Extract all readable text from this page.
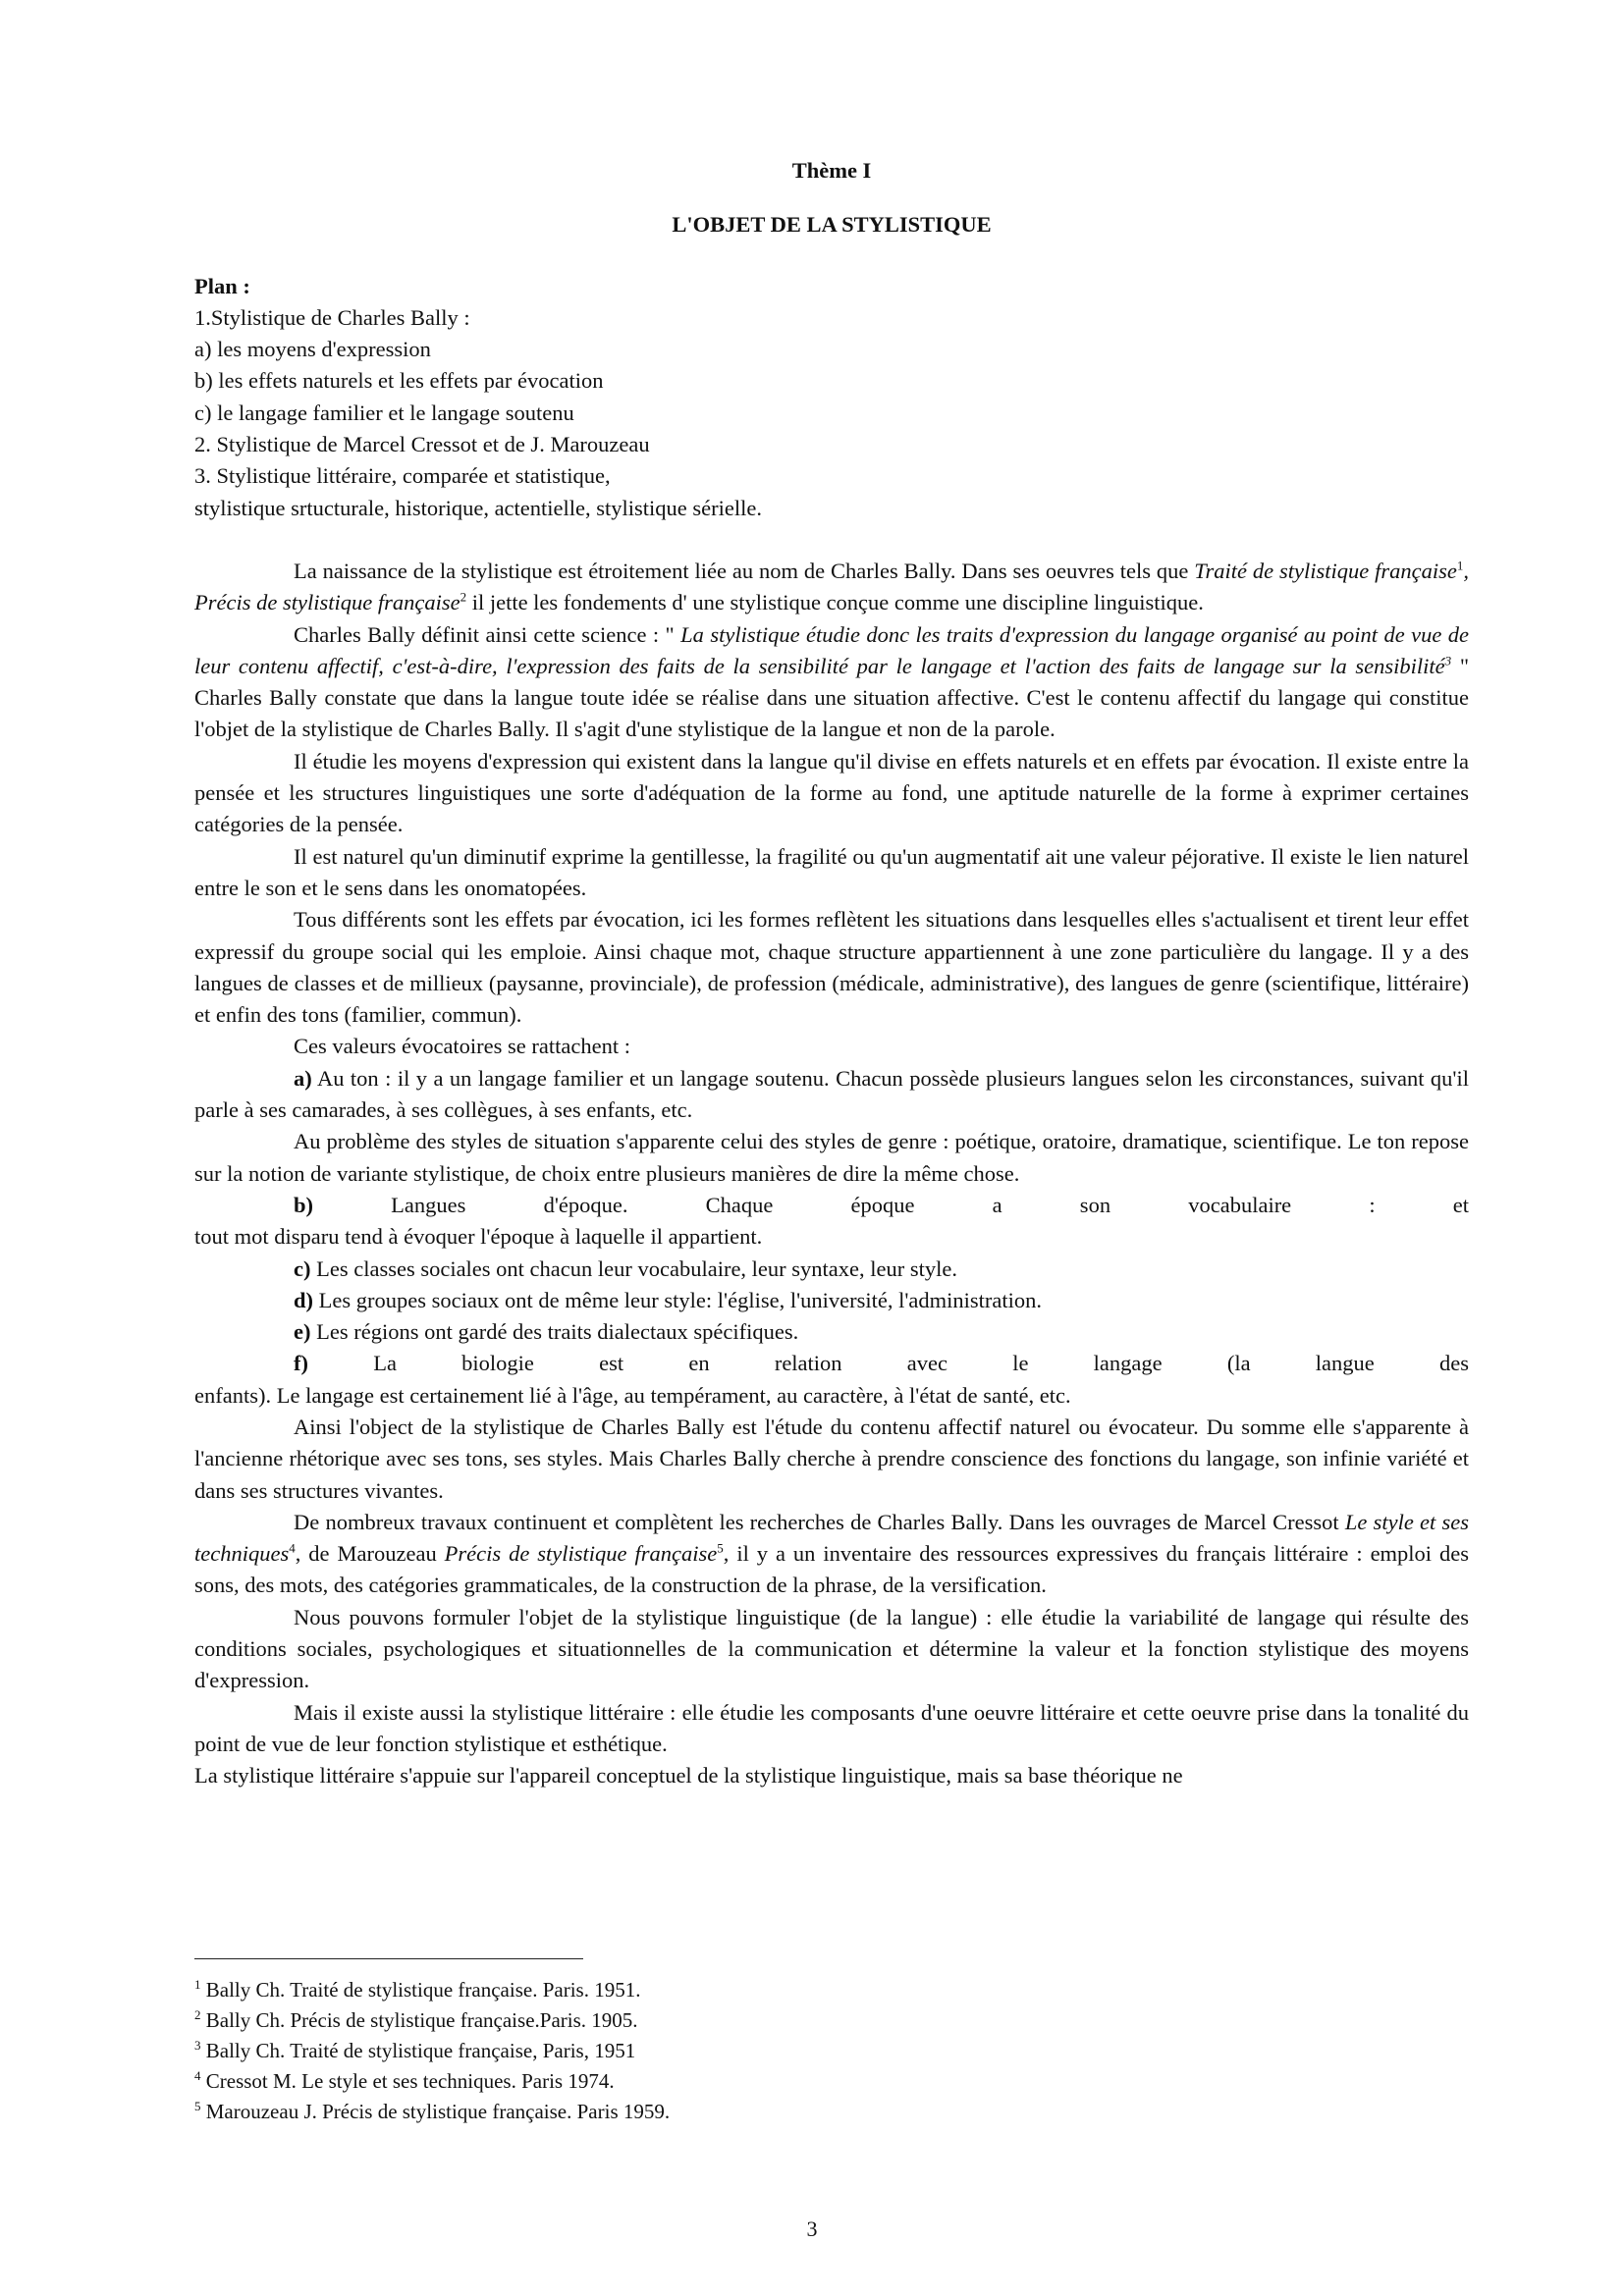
Thème I

L'OBJET DE LA STYLISTIQUE

Plan :

1.Stylistique de Charles Bally :

a) les moyens d'expression

b) les effets naturels et les effets par évocation

c) le langage familier et le langage soutenu

2. Stylistique de Marcel Cressot et de J. Marouzeau

3. Stylistique littéraire, comparée et statistique,

stylistique srtucturale, historique, actentielle, stylistique sérielle.

La naissance de la stylistique est étroitement liée au nom de Charles Bally. Dans ses oeuvres tels que Traité de stylistique française$^1$, Précis de stylistique française$^2$ il jette les fondements d' une stylistique conçue comme une discipline linguistique.

Charles Bally définit ainsi cette science : " La stylistique étudie donc les traits d'expression du langage organisé au point de vue de leur contenu affectif, c'est-à-dire, l'expression des faits de la sensibilité par le langage et l'action des faits de langage sur la sensibilité$^3$ " Charles Bally constate que dans la langue toute idée se réalise dans une situation affective. C'est le contenu affectif du langage qui constitue l'objet de la stylistique de Charles Bally. Il s'agit d'une stylistique de la langue et non de la parole.

Il étudie les moyens d'expression qui existent dans la langue qu'il divise en effets naturels et en effets par évocation. Il existe entre la pensée et les structures linguistiques une sorte d'adéquation de la forme au fond, une aptitude naturelle de la forme à exprimer certaines catégories de la pensée.

Il est naturel qu'un diminutif exprime la gentillesse, la fragilité ou qu'un augmentatif ait une valeur péjorative. Il existe le lien naturel entre le son et le sens dans les onomatopées.

Tous différents sont les effets par évocation, ici les formes reflètent les situations dans lesquelles elles s'actualisent et tirent leur effet expressif du groupe social qui les emploie. Ainsi chaque mot, chaque structure appartiennent à une zone particulière du langage. Il y a des langues de classes et de millieux (paysanne, provinciale), de profession (médicale, administrative), des langues de genre (scientifique, littéraire) et enfin des tons (familier, commun).

Ces valeurs évocatoires se rattachent :

a) Au ton : il y a un langage familier et un langage soutenu. Chacun possède plusieurs langues selon les circonstances, suivant qu'il parle à ses camarades, à ses collègues, à ses enfants, etc.

Au problème des styles de situation s'apparente celui des styles de genre : poétique, oratoire, dramatique, scientifique. Le ton repose sur la notion de variante stylistique, de choix entre plusieurs manières de dire la même chose.

b) Langues d'époque. Chaque époque a son vocabulaire : et

tout mot disparu tend à évoquer l'époque à laquelle il appartient.

c) Les classes sociales ont chacun leur vocabulaire, leur syntaxe, leur style.

d) Les groupes sociaux ont de même leur style: l'église, l'université, l'administration.

e) Les régions ont gardé des traits dialectaux spécifiques.

f) La biologie est en relation avec le langage (la langue des

enfants). Le langage est certainement lié à l'âge, au tempérament, au caractère, à l'état de santé, etc.

Ainsi l'object de la stylistique de Charles Bally est l'étude du contenu affectif naturel ou évocateur. Du somme elle s'apparente à l'ancienne rhétorique avec ses tons, ses styles. Mais Charles Bally cherche à prendre conscience des fonctions du langage, son infinie variété et dans ses structures vivantes.

De nombreux travaux continuent et complètent les recherches de Charles Bally. Dans les ouvrages de Marcel Cressot Le style et ses techniques$^4$, de Marouzeau Précis de stylistique française$^5$, il y a un inventaire des ressources expressives du français littéraire : emploi des sons, des mots, des catégories grammaticales, de la construction de la phrase, de la versification.

Nous pouvons formuler l'objet de la stylistique linguistique (de la langue) : elle étudie la variabilité de langage qui résulte des conditions sociales, psychologiques et situationnelles de la communication et détermine la valeur et la fonction stylistique des moyens d'expression.

Mais il existe aussi la stylistique littéraire : elle étudie les composants d'une oeuvre littéraire et cette oeuvre prise dans la tonalité du point de vue de leur fonction stylistique et esthétique.

La stylistique littéraire s'appuie sur l'appareil conceptuel de la stylistique linguistique, mais sa base théorique ne

$^1$ Bally Ch. Traité de stylistique française. Paris. 1951.

$^2$ Bally Ch. Précis de stylistique française.Paris. 1905.

$^3$ Bally Ch. Traité de stylistique française, Paris, 1951

$^4$ Cressot M. Le style et ses techniques. Paris 1974.

$^5$ Marouzeau J. Précis de stylistique française. Paris 1959.

3
